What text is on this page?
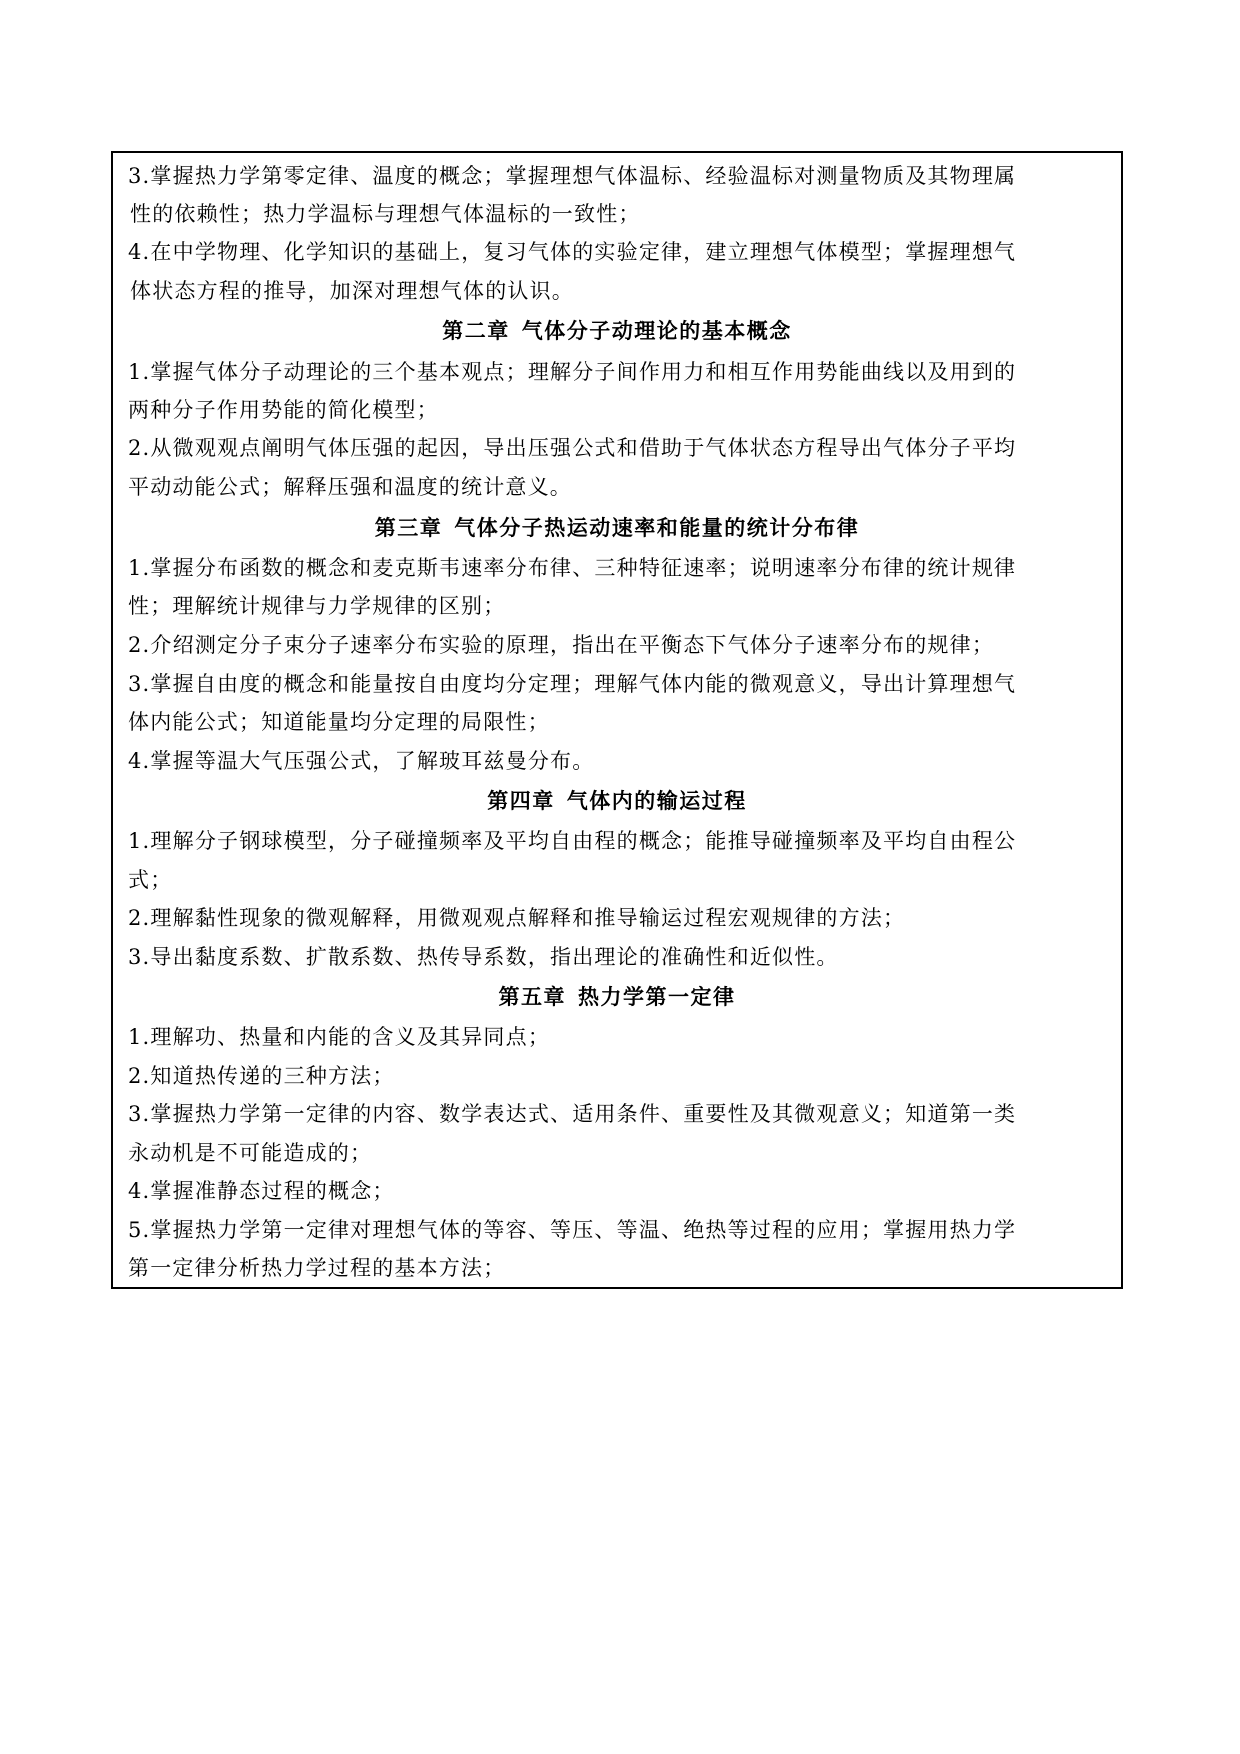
3.掌握热力学第零定律、温度的概念；掌握理想气体温标、经验温标对测量物质及其物理属
性的依赖性；热力学温标与理想气体温标的一致性；
4.在中学物理、化学知识的基础上，复习气体的实验定律，建立理想气体模型；掌握理想气
体状态方程的推导，加深对理想气体的认识。
第二章 气体分子动理论的基本概念
1.掌握气体分子动理论的三个基本观点；理解分子间作用力和相互作用势能曲线以及用到的
两种分子作用势能的简化模型；
2.从微观观点阐明气体压强的起因，导出压强公式和借助于气体状态方程导出气体分子平均
平动动能公式；解释压强和温度的统计意义。
第三章 气体分子热运动速率和能量的统计分布律
1.掌握分布函数的概念和麦克斯韦速率分布律、三种特征速率；说明速率分布律的统计规律
性；理解统计规律与力学规律的区别；
2.介绍测定分子束分子速率分布实验的原理，指出在平衡态下气体分子速率分布的规律；
3.掌握自由度的概念和能量按自由度均分定理；理解气体内能的微观意义，导出计算理想气
体内能公式；知道能量均分定理的局限性；
4.掌握等温大气压强公式，了解玻耳兹曼分布。
第四章 气体内的输运过程
1.理解分子钢球模型，分子碰撞频率及平均自由程的概念；能推导碰撞频率及平均自由程公
式；
2.理解黏性现象的微观解释，用微观观点解释和推导输运过程宏观规律的方法；
3.导出黏度系数、扩散系数、热传导系数，指出理论的准确性和近似性。
第五章 热力学第一定律
1.理解功、热量和内能的含义及其异同点；
2.知道热传递的三种方法；
3.掌握热力学第一定律的内容、数学表达式、适用条件、重要性及其微观意义；知道第一类
永动机是不可能造成的；
4.掌握准静态过程的概念；
5.掌握热力学第一定律对理想气体的等容、等压、等温、绝热等过程的应用；掌握用热力学
第一定律分析热力学过程的基本方法；
